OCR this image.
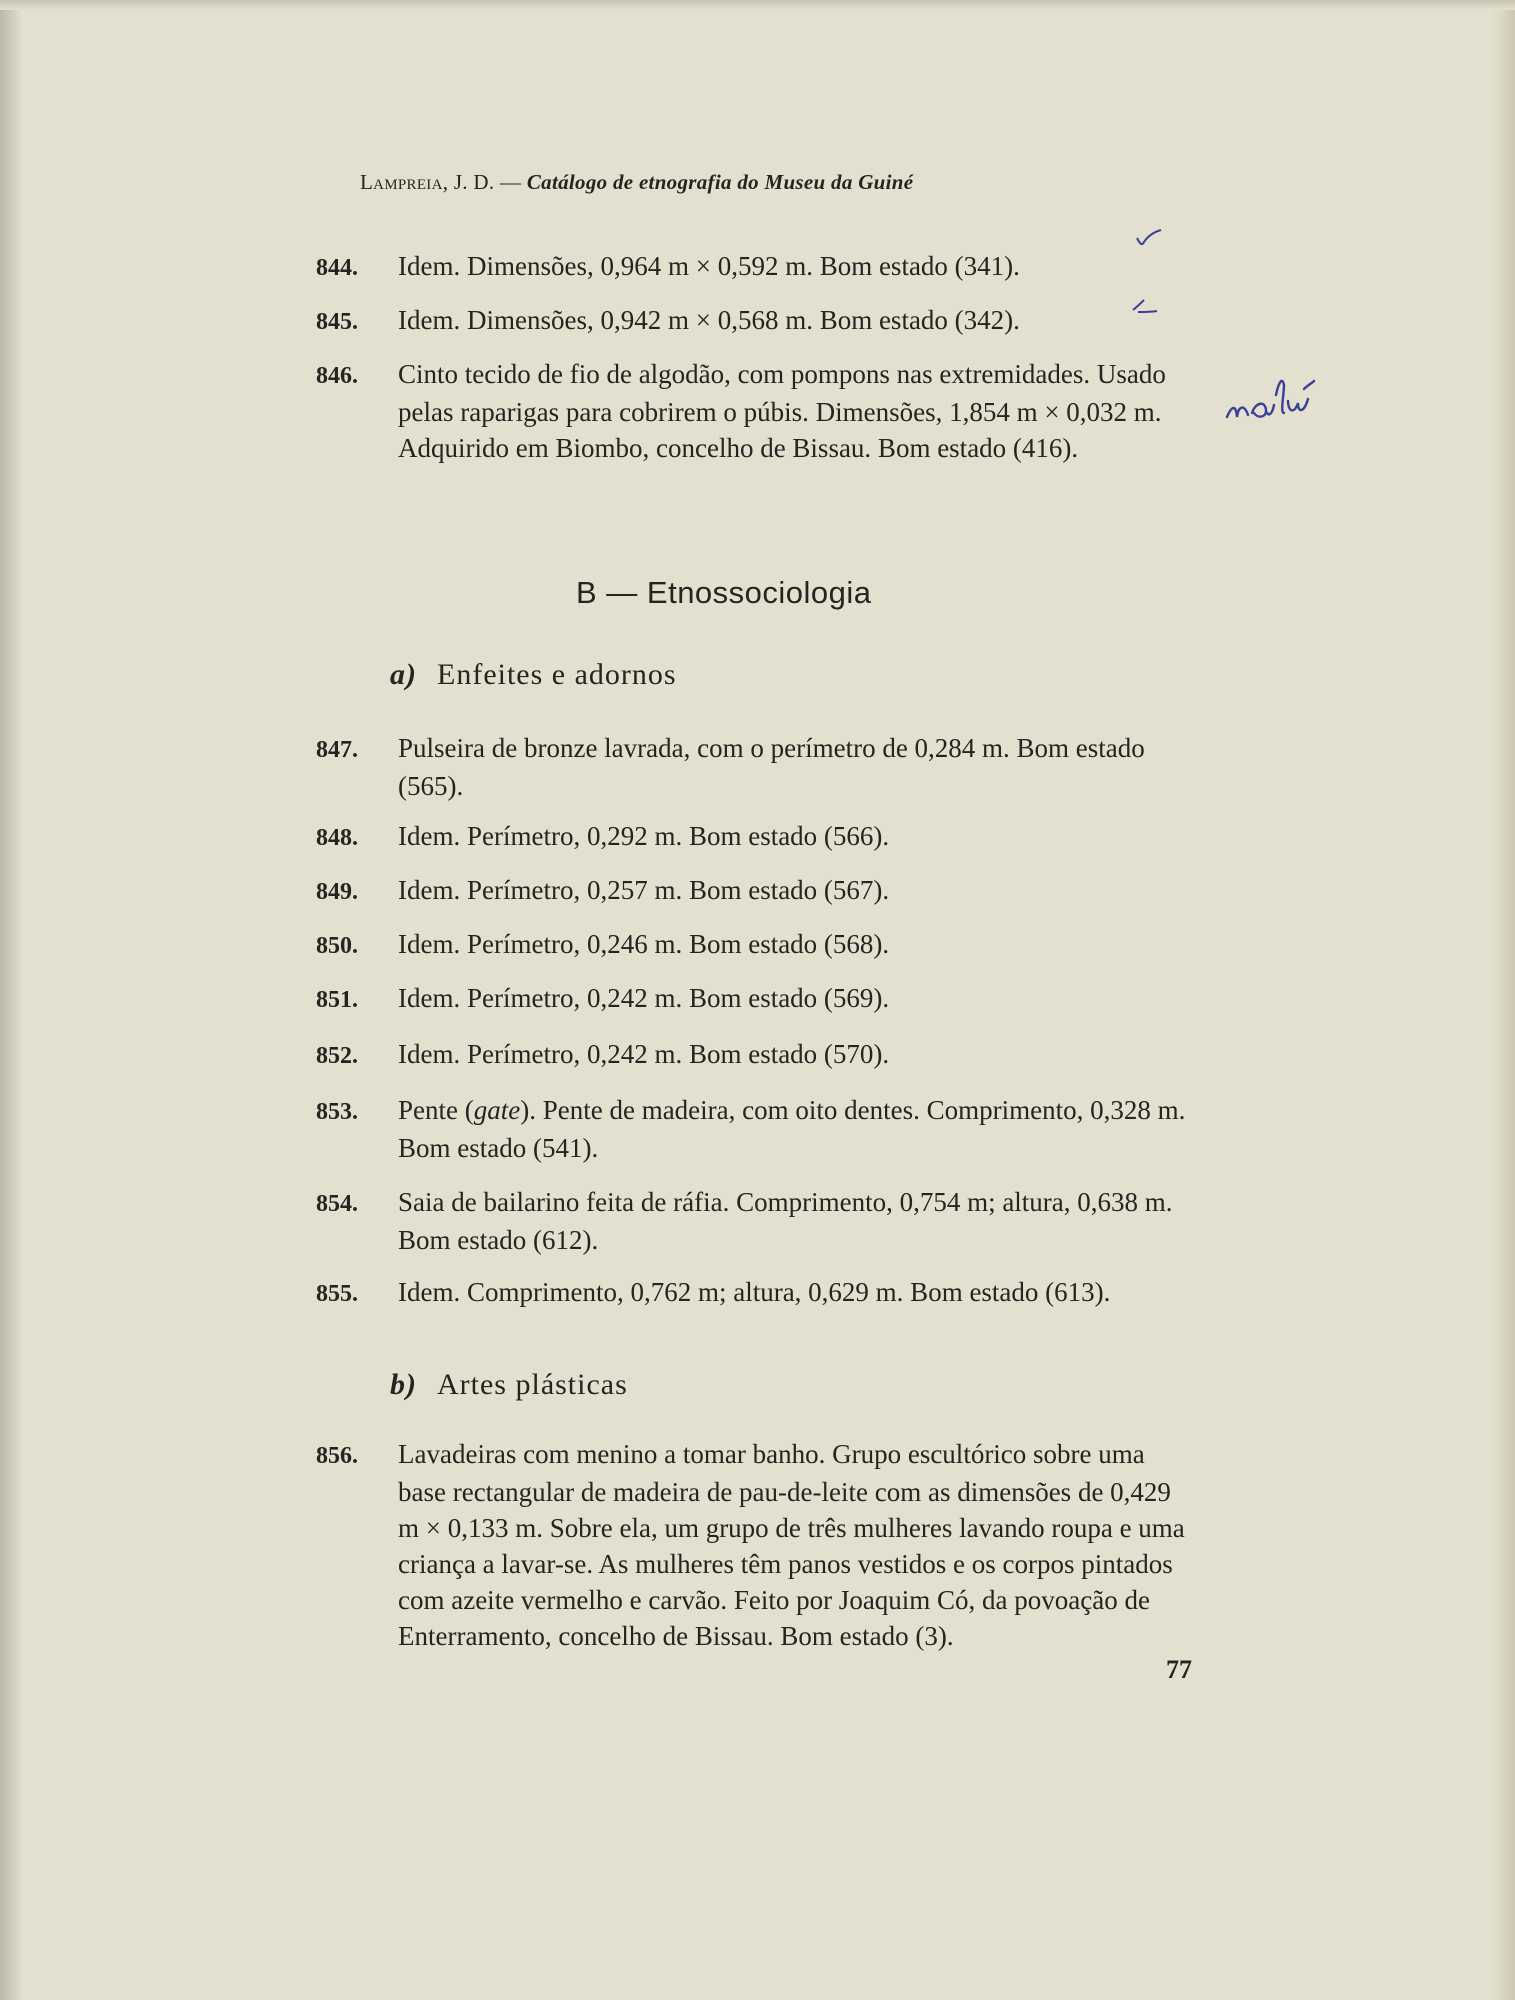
Lampreia, J. D. — Catálogo de etnografia do Museu da Guiné
844. Idem. Dimensões, 0,964 m × 0,592 m. Bom estado (341).
845. Idem. Dimensões, 0,942 m × 0,568 m. Bom estado (342).
846. Cinto tecido de fio de algodão, com pompons nas extremidades. Usado pelas raparigas para cobrirem o púbis. Dimensões, 1,854 m × 0,032 m. Adquirido em Biombo, concelho de Bissau. Bom estado (416).
B — Etnossociologia
a) Enfeites e adornos
847. Pulseira de bronze lavrada, com o perímetro de 0,284 m. Bom estado (565).
848. Idem. Perímetro, 0,292 m. Bom estado (566).
849. Idem. Perímetro, 0,257 m. Bom estado (567).
850. Idem. Perímetro, 0,246 m. Bom estado (568).
851. Idem. Perímetro, 0,242 m. Bom estado (569).
852. Idem. Perímetro, 0,242 m. Bom estado (570).
853. Pente (gate). Pente de madeira, com oito dentes. Comprimento, 0,328 m. Bom estado (541).
854. Saia de bailarino feita de ráfia. Comprimento, 0,754 m; altura, 0,638 m. Bom estado (612).
855. Idem. Comprimento, 0,762 m; altura, 0,629 m. Bom estado (613).
b) Artes plásticas
856. Lavadeiras com menino a tomar banho. Grupo escultórico sobre uma base rectangular de madeira de pau-de-leite com as dimensões de 0,429 m × 0,133 m. Sobre ela, um grupo de três mulheres lavando roupa e uma criança a lavar-se. As mulheres têm panos vestidos e os corpos pintados com azeite vermelho e carvão. Feito por Joaquim Có, da povoação de Enterramento, concelho de Bissau. Bom estado (3).
77
